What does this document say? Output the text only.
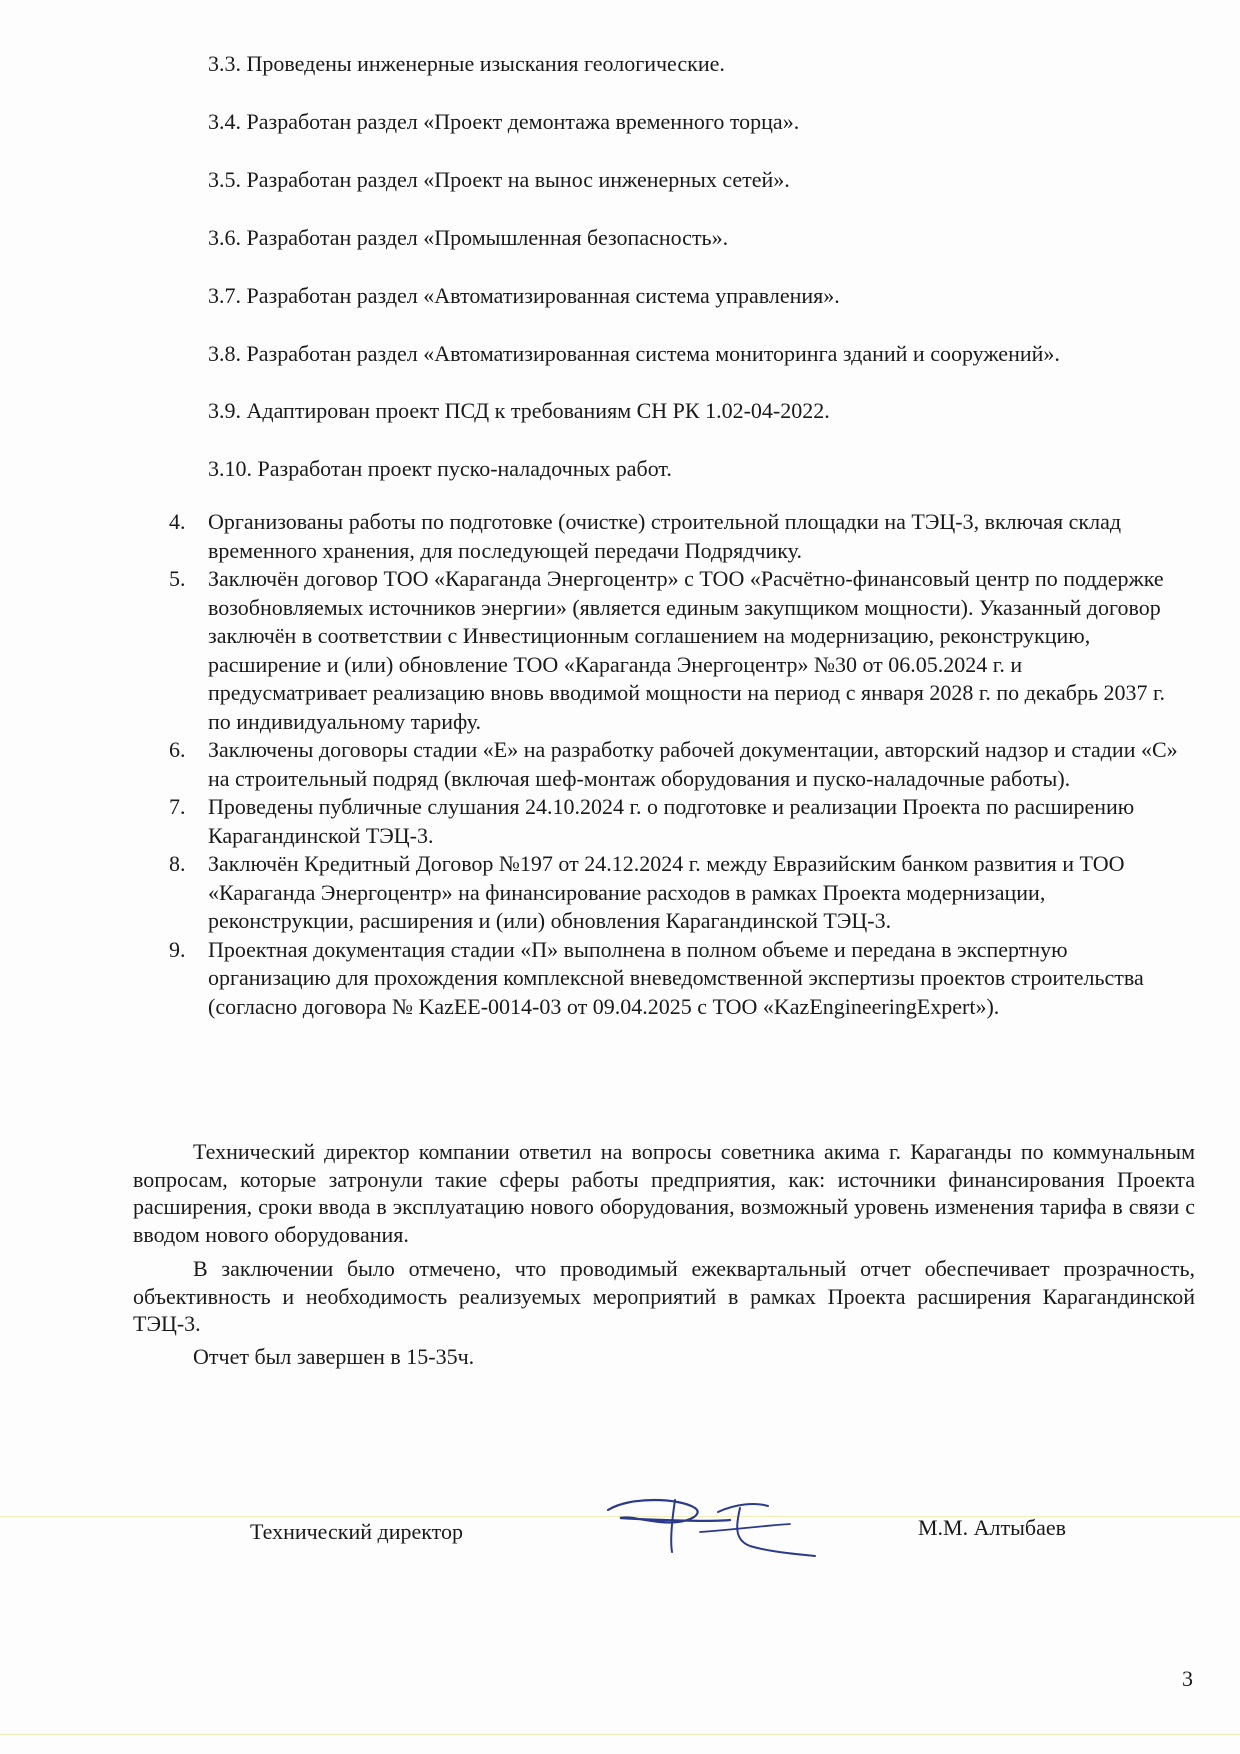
3.3. Проведены инженерные изыскания геологические.
3.4. Разработан раздел «Проект демонтажа временного торца».
3.5. Разработан раздел «Проект на вынос инженерных сетей».
3.6. Разработан раздел «Промышленная безопасность».
3.7. Разработан раздел «Автоматизированная система управления».
3.8. Разработан раздел «Автоматизированная система мониторинга зданий и сооружений».
3.9. Адаптирован проект ПСД к требованиям СН РК 1.02-04-2022.
3.10. Разработан проект пуско-наладочных работ.
4. Организованы работы по подготовке (очистке) строительной площадки на ТЭЦ-3, включая склад временного хранения, для последующей передачи Подрядчику.
5. Заключён договор ТОО «Караганда Энергоцентр» с ТОО «Расчётно-финансовый центр по поддержке возобновляемых источников энергии» (является единым закупщиком мощности). Указанный договор заключён в соответствии с Инвестиционным соглашением на модернизацию, реконструкцию, расширение и (или) обновление ТОО «Караганда Энергоцентр» №30 от 06.05.2024 г. и предусматривает реализацию вновь вводимой мощности на период с января 2028 г. по декабрь 2037 г. по индивидуальному тарифу.
6. Заключены договоры стадии «Е» на разработку рабочей документации, авторский надзор и стадии «С» на строительный подряд (включая шеф-монтаж оборудования и пуско-наладочные работы).
7. Проведены публичные слушания 24.10.2024 г. о подготовке и реализации Проекта по расширению Карагандинской ТЭЦ-3.
8. Заключён Кредитный Договор №197 от 24.12.2024 г. между Евразийским банком развития и ТОО «Караганда Энергоцентр» на финансирование расходов в рамках Проекта модернизации, реконструкции, расширения и (или) обновления Карагандинской ТЭЦ-3.
9. Проектная документация стадии «П» выполнена в полном объеме и передана в экспертную организацию для прохождения комплексной вневедомственной экспертизы проектов строительства (согласно договора № KazEE-0014-03 от 09.04.2025 с ТОО «KazEngineeringExpert»).

Технический директор компании ответил на вопросы советника акима г. Караганды по коммунальным вопросам, которые затронули такие сферы работы предприятия, как: источники финансирования Проекта расширения, сроки ввода в эксплуатацию нового оборудования, возможный уровень изменения тарифа в связи с вводом нового оборудования.

В заключении было отмечено, что проводимый ежеквартальный отчет обеспечивает прозрачность, объективность и необходимость реализуемых мероприятий в рамках Проекта расширения Карагандинской ТЭЦ-3.

Отчет был завершен в 15-35ч.

Технический директор	М.М. Алтыбаев
3
